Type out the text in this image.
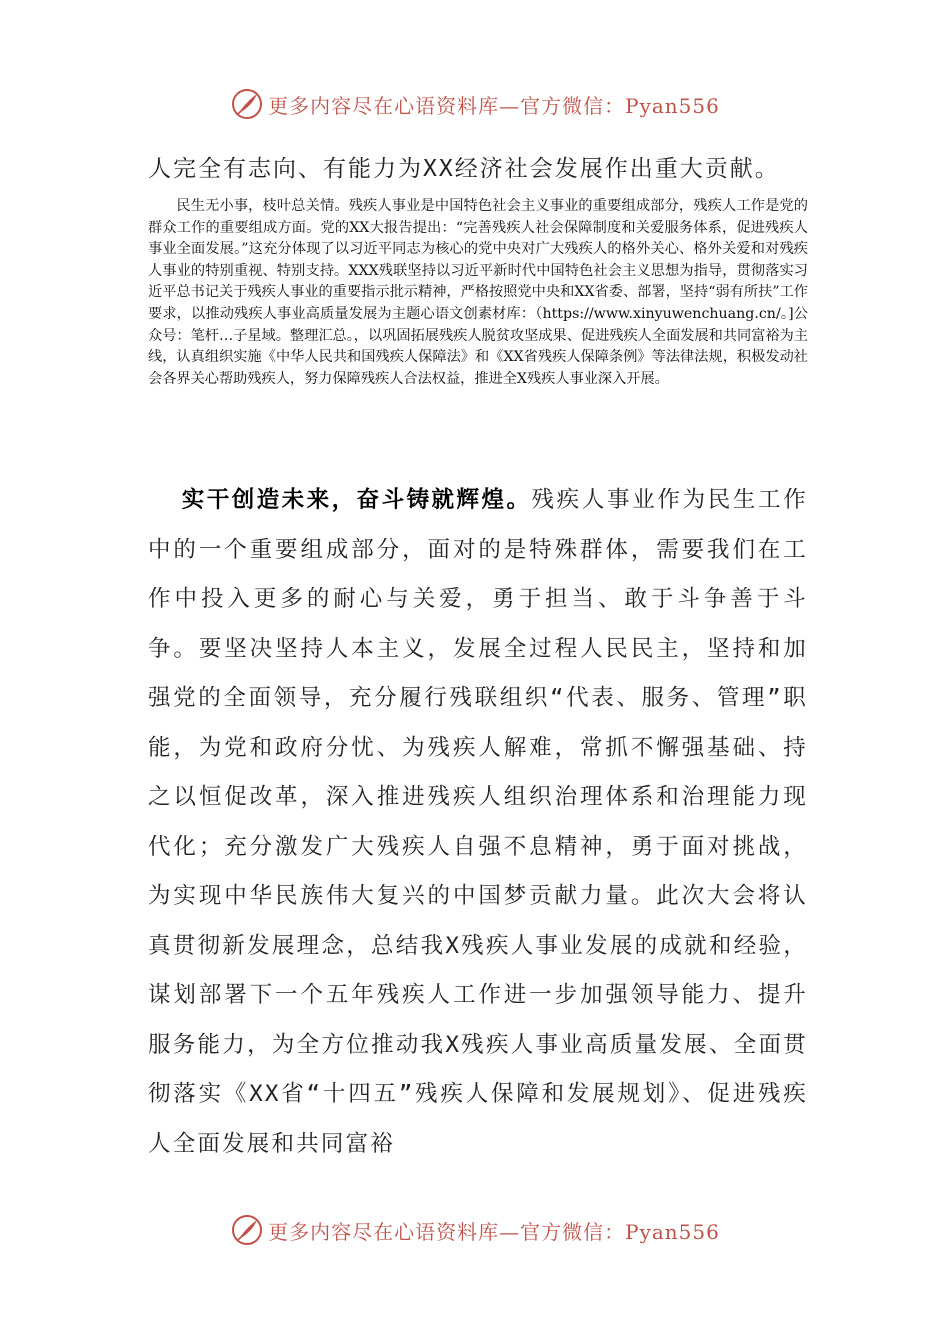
更多内容尽在心语资料库—官方微信：Pyan556
人完全有志向、有能力为XX经济社会发展作出重大贡献。

民生无小事，枝叶总关情。残疾人事业是中国特色社会主义事业的重要组成部分，残疾人工作是党的群众工作的重要组成方面。党的XX大报告提出：“完善残疾人社会保障制度和关爱服务体系，促进残疾人事业全面发展。”这充分体现了以习近平同志为核心的党中央对广大残疾人的格外关心、格外关爱和对残疾人事业的特别重视、特别支持。XXX残联坚持以习近平新时代中国特色社会主义思想为指导，贯彻落实习近平总书记关于残疾人事业的重要指示批示精神，严格按照党中央和XX省委、部署，坚持“弱有所扶”工作要求，以推动残疾人事业高质量发展为主题心语文创素材库：（https://www.xinyuwenchuang.cn/。]公众号：笔杆…子星域。整理汇总。，以巩固拓展残疾人脱贫攻坚成果、促进残疾人全面发展和共同富裕为主线，认真组织实施《中华人民共和国残疾人保障法》和《XX省残疾人保障条例》等法律法规，积极发动社会各界关心帮助残疾人，努力保障残疾人合法权益，推进全X残疾人事业深入开展。

实干创造未来，奋斗铸就辉煌。残疾人事业作为民生工作中的一个重要组成部分，面对的是特殊群体，需要我们在工作中投入更多的耐心与关爱，勇于担当、敢于斗争善于斗争。要坚决坚持人本主义，发展全过程人民民主，坚持和加强党的全面领导，充分履行残联组织“代表、服务、管理”职能，为党和政府分忧、为残疾人解难，常抓不懈强基础、持之以恒促改革，深入推进残疾人组织治理体系和治理能力现代化；充分激发广大残疾人自强不息精神，勇于面对挑战，为实现中华民族伟大复兴的中国梦贡献力量。此次大会将认真贯彻新发展理念，总结我X残疾人事业发展的成就和经验，谋划部署下一个五年残疾人工作进一步加强领导能力、提升服务能力，为全方位推动我X残疾人事业高质量发展、全面贯彻落实《XX省“十四五”残疾人保障和发展规划》、促进残疾人全面发展和共同富裕

更多内容尽在心语资料库—官方微信：Pyan556
